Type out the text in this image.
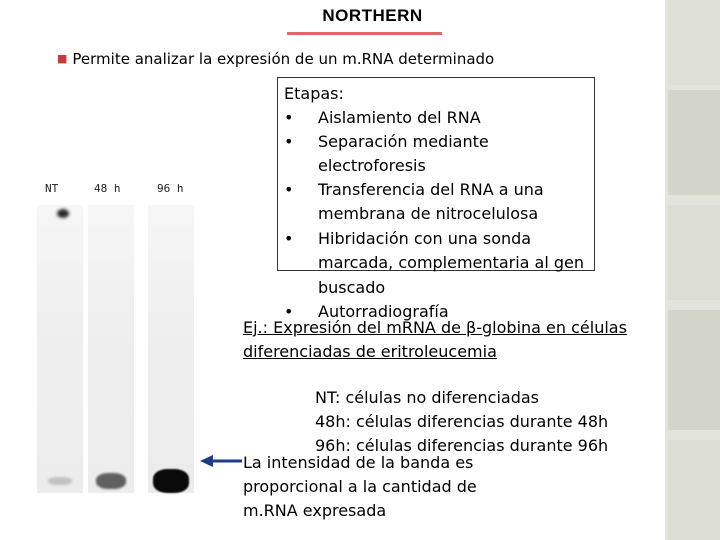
NORTHERN
■ Permite analizar la expresión de un m.RNA determinado
NT	48 h	96 h
Etapas:
• Aislamiento del RNA
• Separación mediante
electroforesis
• Transferencia del RNA a una
membrana de nitrocelulosa
• Hibridación con una sonda
marcada, complementaria al gen
buscado
• Autorradiografía
Ej.: Expresión del mRNA de β-globina en células
diferenciadas de eritroleucemia
NT: células no diferenciadas
48h: células diferencias durante 48h
96h: células diferencias durante 96h
La intensidad de la banda es
proporcional a la cantidad de
m.RNA expresada
